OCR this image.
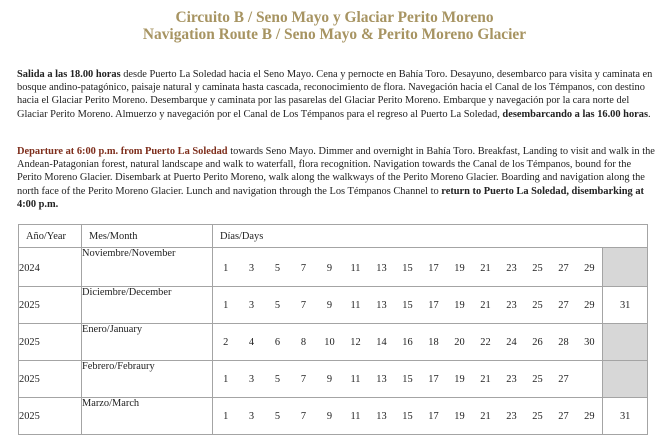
Circuito B / Seno Mayo y Glaciar Perito Moreno

Navigation Route B / Seno Mayo & Perito Moreno Glacier

Salida a las 18.00 horas desde Puerto La Soledad hacia el Seno Mayo. Cena y pernocte en Bahía Toro. Desayuno, desembarco para visita y caminata en bosque andino-patagónico, paisaje natural y caminata hasta cascada, reconocimiento de flora. Navegación hacia el Canal de los Témpanos, con destino hacia el Glaciar Perito Moreno. Desembarque y caminata por las pasarelas del Glaciar Perito Moreno. Embarque y navegación por la cara norte del Glaciar Perito Moreno. Almuerzo y navegación por el Canal de Los Témpanos para el regreso al Puerto La Soledad, desembarcando a las 16.00 horas.

Departure at 6:00 p.m. from Puerto La Soledad towards Seno Mayo. Dimmer and overnight in Bahía Toro. Breakfast, Landing to visit and walk in the Andean-Patagonian forest, natural landscape and walk to waterfall, flora recognition. Navigation towards the Canal de los Témpanos, bound for the Perito Moreno Glacier. Disembark at Puerto Perito Moreno, walk along the walkways of the Perito Moreno Glacier. Boarding and navigation along the north face of the Perito Moreno Glacier. Lunch and navigation through the Los Témpanos Channel to return to Puerto La Soledad, disembarking at 4:00 p.m.

Año/Year	Mes/Month	Días/Days															
2024	Noviembre/November	1	3	5	7	9	11	13	15	17	19	21	23	25	27	29	
2025	Diciembre/December	1	3	5	7	9	11	13	15	17	19	21	23	25	27	29	31
2025	Enero/January	2	4	6	8	10	12	14	16	18	20	22	24	26	28	30	
2025	Febrero/Febraury	1	3	5	7	9	11	13	15	17	19	21	23	25	27		
2025	Marzo/March	1	3	5	7	9	11	13	15	17	19	21	23	25	27	29	31
